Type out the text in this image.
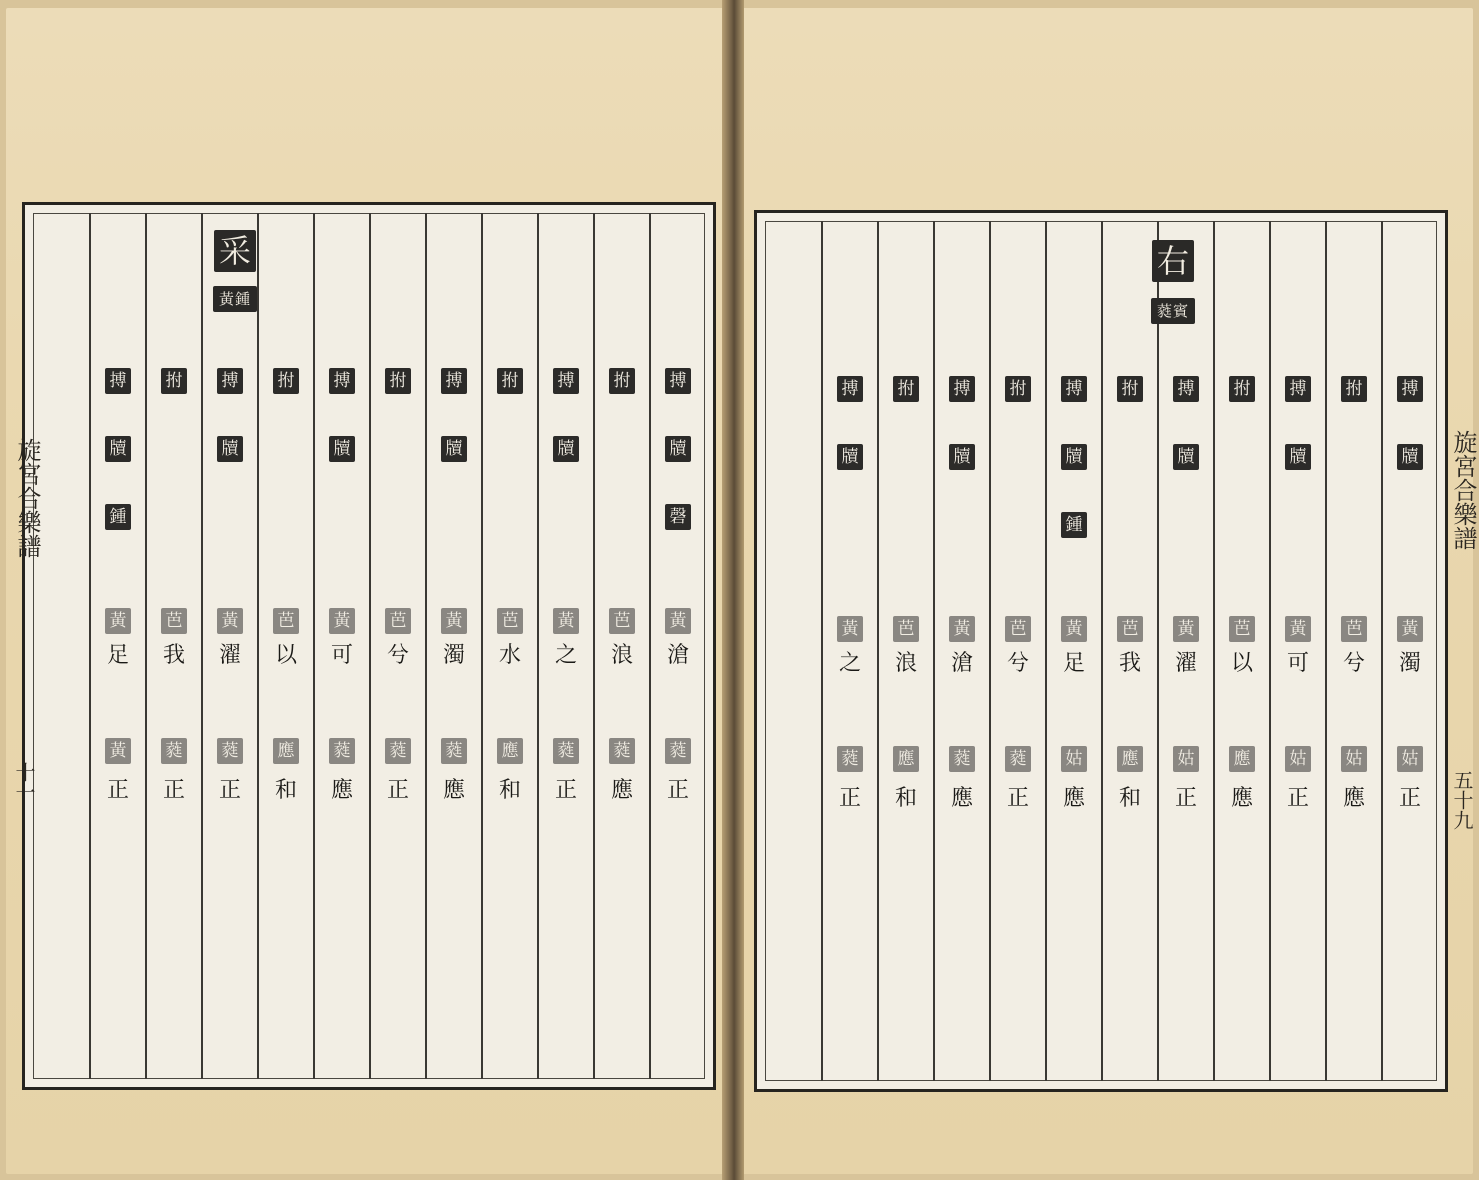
搏
牘
磬
黃
滄
蕤
正
拊
芭
浪
蕤
應
搏
牘
黃
之
蕤
正
拊
芭
水
應
和
搏
牘
黃
濁
蕤
應
拊
芭
兮
蕤
正
搏
牘
黃
可
蕤
應
拊
芭
以
應
和
搏
牘
黃
濯
蕤
正
拊
芭
我
蕤
正
搏
牘
鍾
黃
足
黃
正
搏
牘
黃
濁
姑
正
拊
芭
兮
姑
應
搏
牘
黃
可
姑
正
拊
芭
以
應
應
搏
牘
黃
濯
姑
正
拊
芭
我
應
和
搏
牘
鍾
黃
足
姑
應
拊
芭
兮
蕤
正
搏
牘
黃
滄
蕤
應
拊
芭
浪
應
和
搏
牘
黃
之
蕤
正
采
黃鍾
右
蕤賓
旋宮合樂譜	旋宮合樂譜
十一	五十九
